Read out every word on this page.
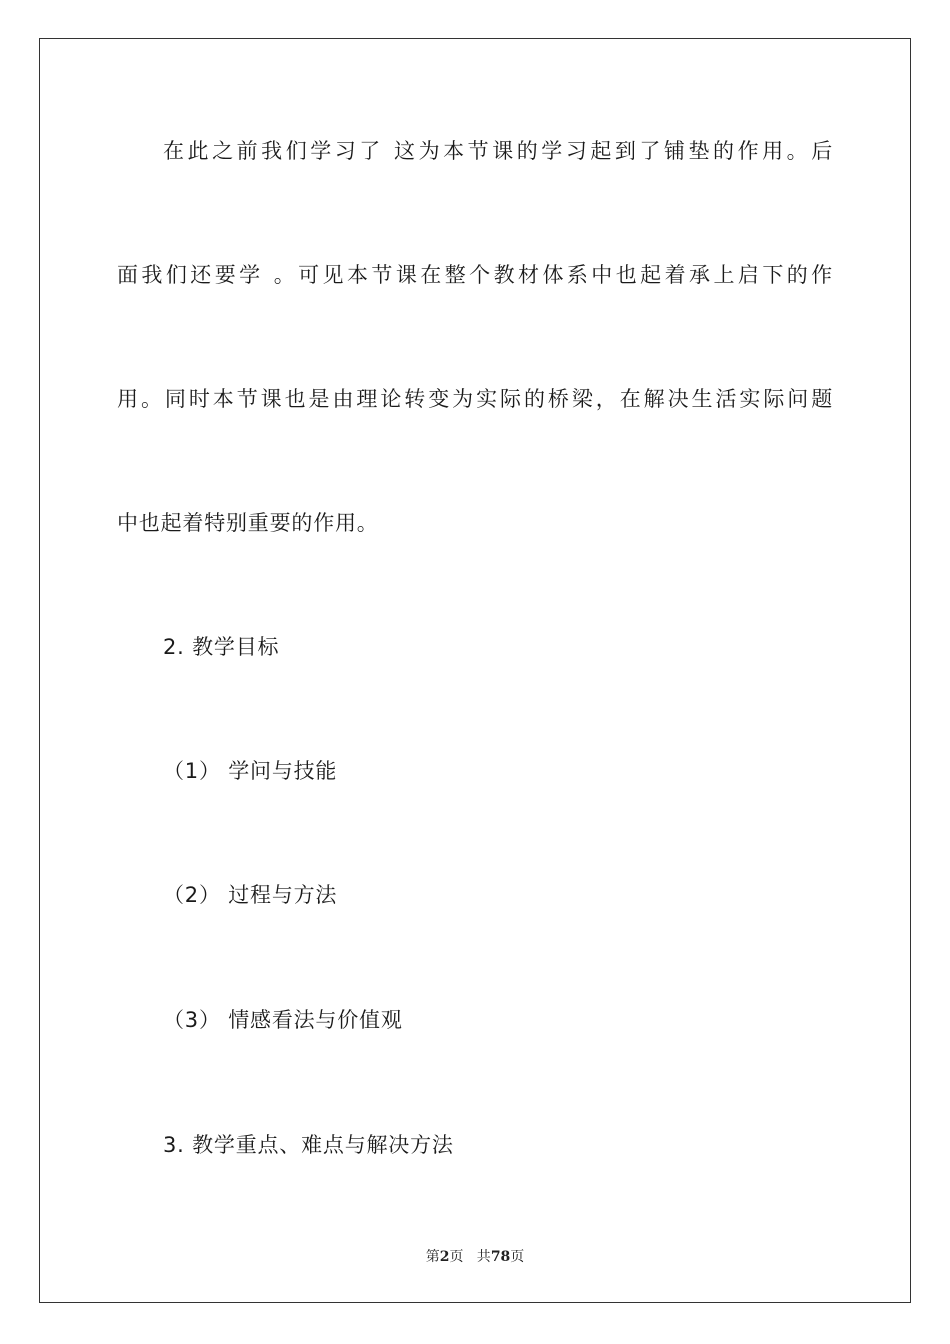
在此之前我们学习了 这为本节课的学习起到了铺垫的作用。后
面我们还要学 。可见本节课在整个教材体系中也起着承上启下的作
用。同时本节课也是由理论转变为实际的桥梁，在解决生活实际问题
中也起着特别重要的作用。
2. 教学目标
（1） 学问与技能
（2） 过程与方法
（3） 情感看法与价值观
3. 教学重点、难点与解决方法
第2页   共78页
